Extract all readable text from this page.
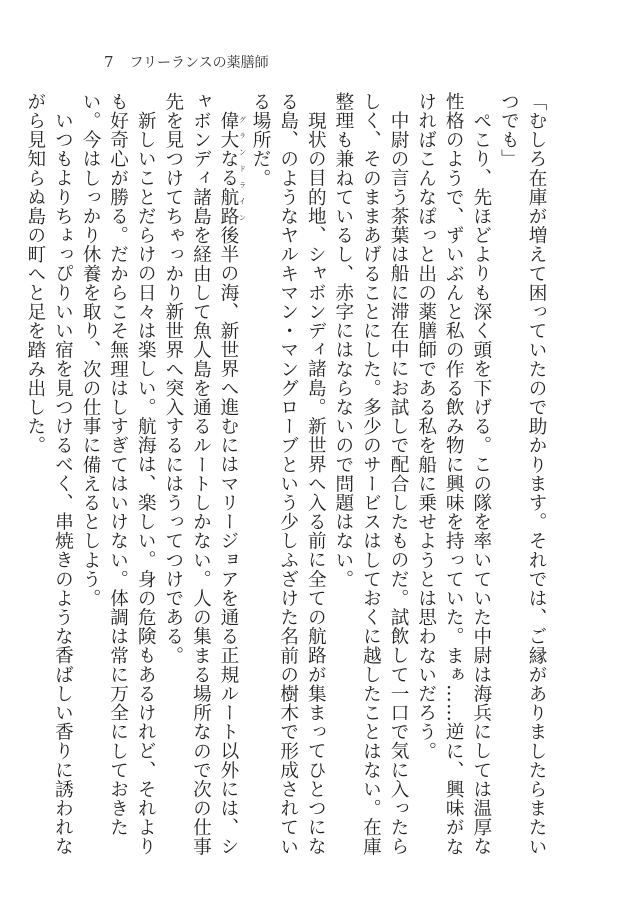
7 フリーランスの薬膳師

「むしろ在庫が増えて困っていたので助かります。それでは、ご縁がありましたらまたいつでも」

ぺこり、先ほどよりも深く頭を下げる。この隊を率いていた中尉は海兵にしては温厚な性格のようで、ずいぶんと私の作る飲み物に興味を持っていた。まぁ……逆に、興味がなければこんなぽっと出の薬膳師である私を船に乗せようとは思わないだろう。

中尉の言う茶葉は船に滞在中にお試しで配合したものだ。試飲して一口で気に入ったらしく、そのままあげることにした。多少のサービスはしておくに越したことはない。在庫整理も兼ねているし、赤字にはならないので問題はない。

現状の目的地、シャボンディ諸島。新世界へ入る前に全ての航路が集まってひとつになる島、のようなヤルキマン・マングローブという少しふざけた名前の樹木で形成されている場所だ。

偉大なる航路 グランドライン後半の海、新世界へ進むにはマリージョアを通る正規ルート以外には、シャボンディ諸島を経由して魚人島を通るルートしかない。人の集まる場所なので次の仕事先を見つけてちゃっかり新世界へ突入するにはうってつけである。

新しいことだらけの日々は楽しい。航海は、楽しい。身の危険もあるけれど、それよりも好奇心が勝る。だからこそ無理はしすぎてはいけない。体調は常に万全にしておきたい。今はしっかり休養を取り、次の仕事に備えるとしよう。

いつもよりちょっぴりいい宿を見つけるべく、串焼きのような香ばしい香りに誘われながら見知らぬ島の町へと足を踏み出した。
